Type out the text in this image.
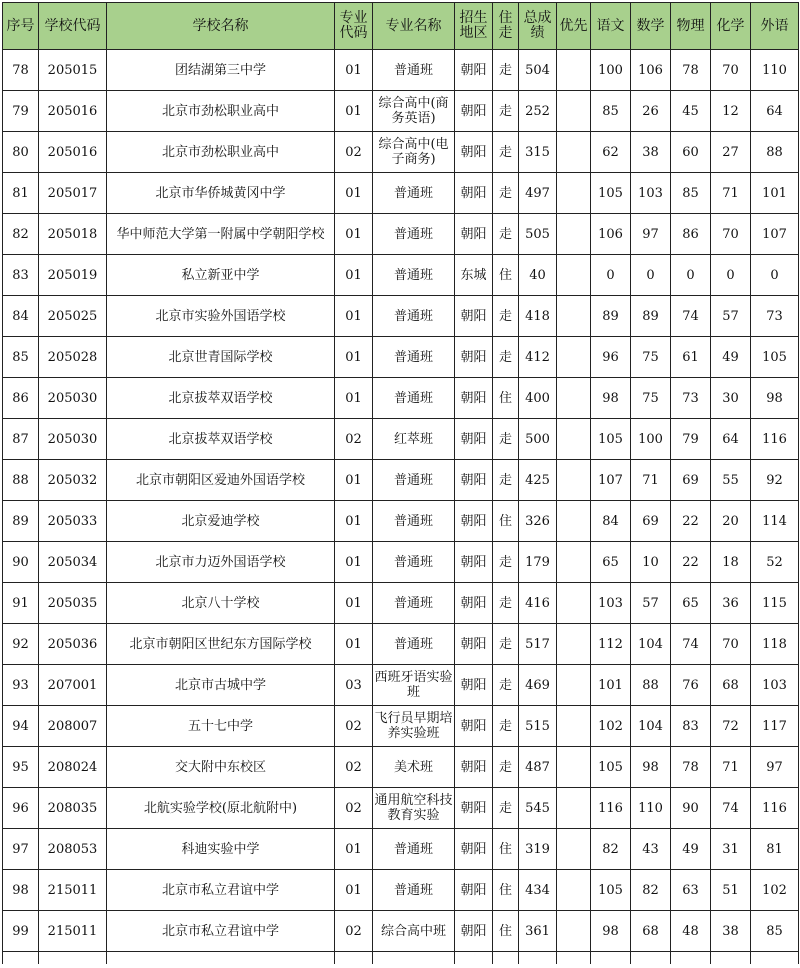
序号	学校代码	学校名称	专业代码	专业名称	招生地区	住走	总成绩	优先	语文	数学	物理	化学	外语
78	205015	团结湖第三中学	01	普通班	朝阳	走	504		100	106	78	70	110
79	205016	北京市劲松职业高中	01	综合高中(商务英语)	朝阳	走	252		85	26	45	12	64
80	205016	北京市劲松职业高中	02	综合高中(电子商务)	朝阳	走	315		62	38	60	27	88
81	205017	北京市华侨城黄冈中学	01	普通班	朝阳	走	497		105	103	85	71	101
82	205018	华中师范大学第一附属中学朝阳学校	01	普通班	朝阳	走	505		106	97	86	70	107
83	205019	私立新亚中学	01	普通班	东城	住	40		0	0	0	0	0
84	205025	北京市实验外国语学校	01	普通班	朝阳	走	418		89	89	74	57	73
85	205028	北京世青国际学校	01	普通班	朝阳	走	412		96	75	61	49	105
86	205030	北京拔萃双语学校	01	普通班	朝阳	住	400		98	75	73	30	98
87	205030	北京拔萃双语学校	02	红萃班	朝阳	走	500		105	100	79	64	116
88	205032	北京市朝阳区爱迪外国语学校	01	普通班	朝阳	走	425		107	71	69	55	92
89	205033	北京爱迪学校	01	普通班	朝阳	住	326		84	69	22	20	114
90	205034	北京市力迈外国语学校	01	普通班	朝阳	走	179		65	10	22	18	52
91	205035	北京八十学校	01	普通班	朝阳	走	416		103	57	65	36	115
92	205036	北京市朝阳区世纪东方国际学校	01	普通班	朝阳	走	517		112	104	74	70	118
93	207001	北京市古城中学	03	西班牙语实验班	朝阳	走	469		101	88	76	68	103
94	208007	五十七中学	02	飞行员早期培养实验班	朝阳	走	515		102	104	83	72	117
95	208024	交大附中东校区	02	美术班	朝阳	走	487		105	98	78	71	97
96	208035	北航实验学校(原北航附中)	02	通用航空科技教育实验	朝阳	走	545		116	110	90	74	116
97	208053	科迪实验中学	01	普通班	朝阳	住	319		82	43	49	31	81
98	215011	北京市私立君谊中学	01	普通班	朝阳	住	434		105	82	63	51	102
99	215011	北京市私立君谊中学	02	综合高中班	朝阳	住	361		98	68	48	38	85
